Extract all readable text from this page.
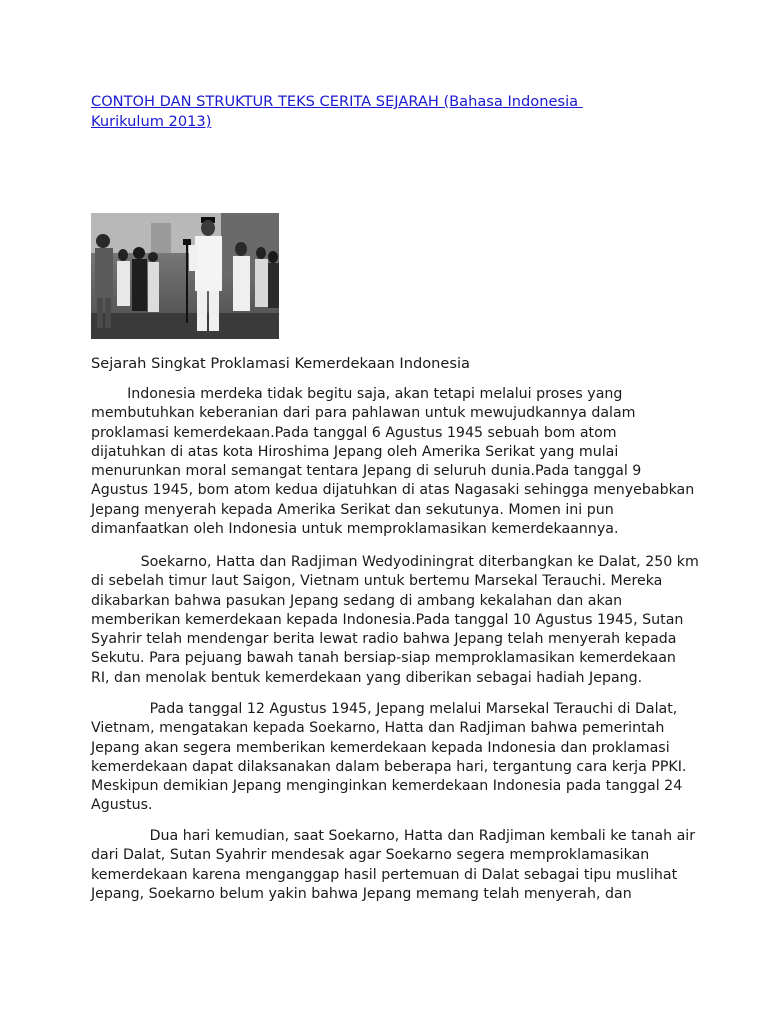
CONTOH DAN STRUKTUR TEKS CERITA SEJARAH (Bahasa Indonesia
Kurikulum 2013)
Sejarah Singkat Proklamasi Kemerdekaan Indonesia
Indonesia merdeka tidak begitu saja, akan tetapi melalui proses yang
membutuhkan keberanian dari para pahlawan untuk mewujudkannya dalam
proklamasi kemerdekaan.Pada tanggal 6 Agustus 1945 sebuah bom atom
dijatuhkan di atas kota Hiroshima Jepang oleh Amerika Serikat yang mulai
menurunkan moral semangat tentara Jepang di seluruh dunia.Pada tanggal 9
Agustus 1945, bom atom kedua dijatuhkan di atas Nagasaki sehingga menyebabkan
Jepang menyerah kepada Amerika Serikat dan sekutunya. Momen ini pun
dimanfaatkan oleh Indonesia untuk memproklamasikan kemerdekaannya.
Soekarno, Hatta dan Radjiman Wedyodiningrat diterbangkan ke Dalat, 250 km
di sebelah timur laut Saigon, Vietnam untuk bertemu Marsekal Terauchi. Mereka
dikabarkan bahwa pasukan Jepang sedang di ambang kekalahan dan akan
memberikan kemerdekaan kepada Indonesia.Pada tanggal 10 Agustus 1945, Sutan
Syahrir telah mendengar berita lewat radio bahwa Jepang telah menyerah kepada
Sekutu. Para pejuang bawah tanah bersiap-siap memproklamasikan kemerdekaan
RI, dan menolak bentuk kemerdekaan yang diberikan sebagai hadiah Jepang.
Pada tanggal 12 Agustus 1945, Jepang melalui Marsekal Terauchi di Dalat,
Vietnam, mengatakan kepada Soekarno, Hatta dan Radjiman bahwa pemerintah
Jepang akan segera memberikan kemerdekaan kepada Indonesia dan proklamasi
kemerdekaan dapat dilaksanakan dalam beberapa hari, tergantung cara kerja PPKI.
Meskipun demikian Jepang menginginkan kemerdekaan Indonesia pada tanggal 24
Agustus.
Dua hari kemudian, saat Soekarno, Hatta dan Radjiman kembali ke tanah air
dari Dalat, Sutan Syahrir mendesak agar Soekarno segera memproklamasikan
kemerdekaan karena menganggap hasil pertemuan di Dalat sebagai tipu muslihat
Jepang, Soekarno belum yakin bahwa Jepang memang telah menyerah, dan
